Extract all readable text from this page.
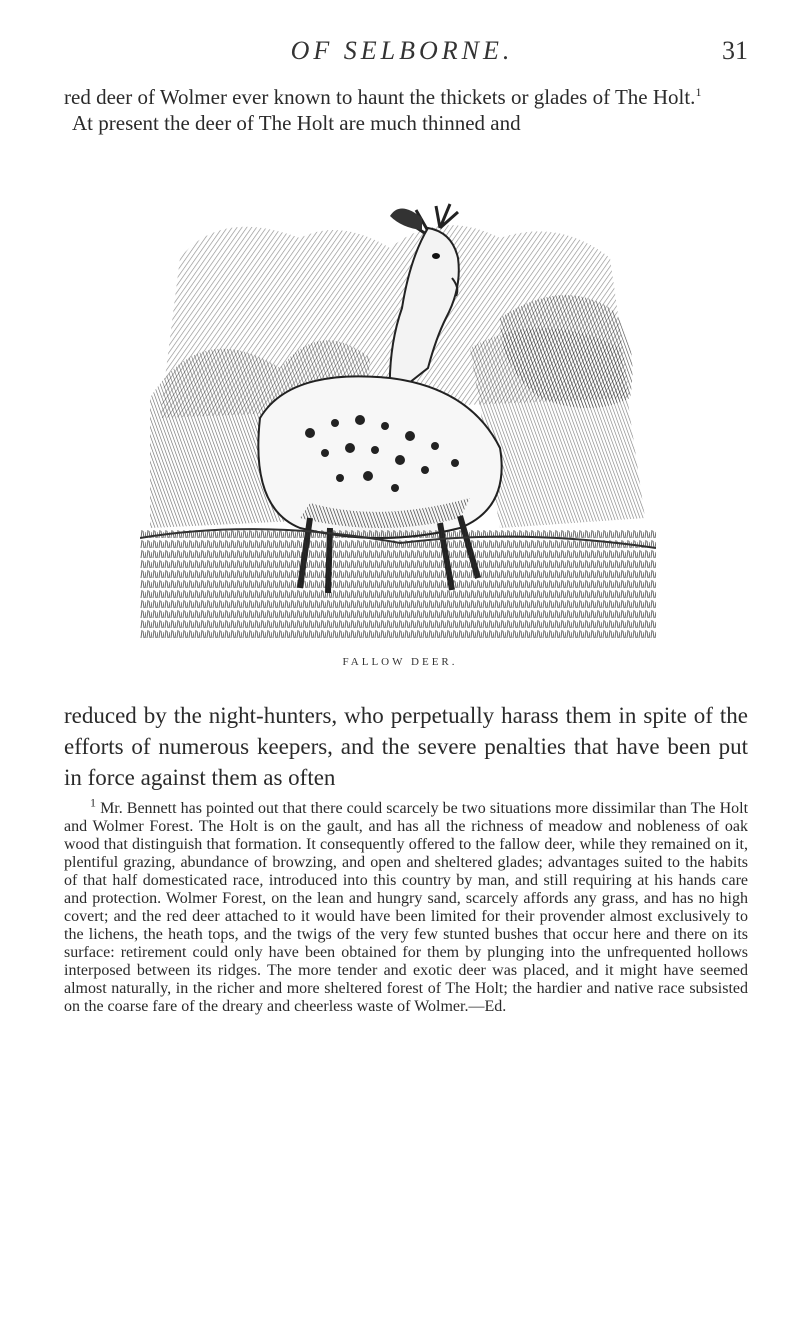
OF SELBORNE.	31
red deer of Wolmer ever known to haunt the thickets or glades of The Holt.$^1$
At present the deer of The Holt are much thinned and
FALLOW DEER.
reduced by the night-hunters, who perpetually harass them in spite of the efforts of numerous keepers, and the severe penalties that have been put in force against them as often
$^1$ Mr. Bennett has pointed out that there could scarcely be two situations more dissimilar than The Holt and Wolmer Forest. The Holt is on the gault, and has all the richness of meadow and nobleness of oak wood that distinguish that formation. It consequently offered to the fallow deer, while they remained on it, plentiful grazing, abundance of browzing, and open and sheltered glades; advantages suited to the habits of that half domesticated race, introduced into this country by man, and still requiring at his hands care and protection. Wolmer Forest, on the lean and hungry sand, scarcely affords any grass, and has no high covert; and the red deer attached to it would have been limited for their provender almost exclusively to the lichens, the heath tops, and the twigs of the very few stunted bushes that occur here and there on its surface: retirement could only have been obtained for them by plunging into the unfrequented hollows interposed between its ridges. The more tender and exotic deer was placed, and it might have seemed almost naturally, in the richer and more sheltered forest of The Holt; the hardier and native race subsisted on the coarse fare of the dreary and cheerless waste of Wolmer.—Ed.
